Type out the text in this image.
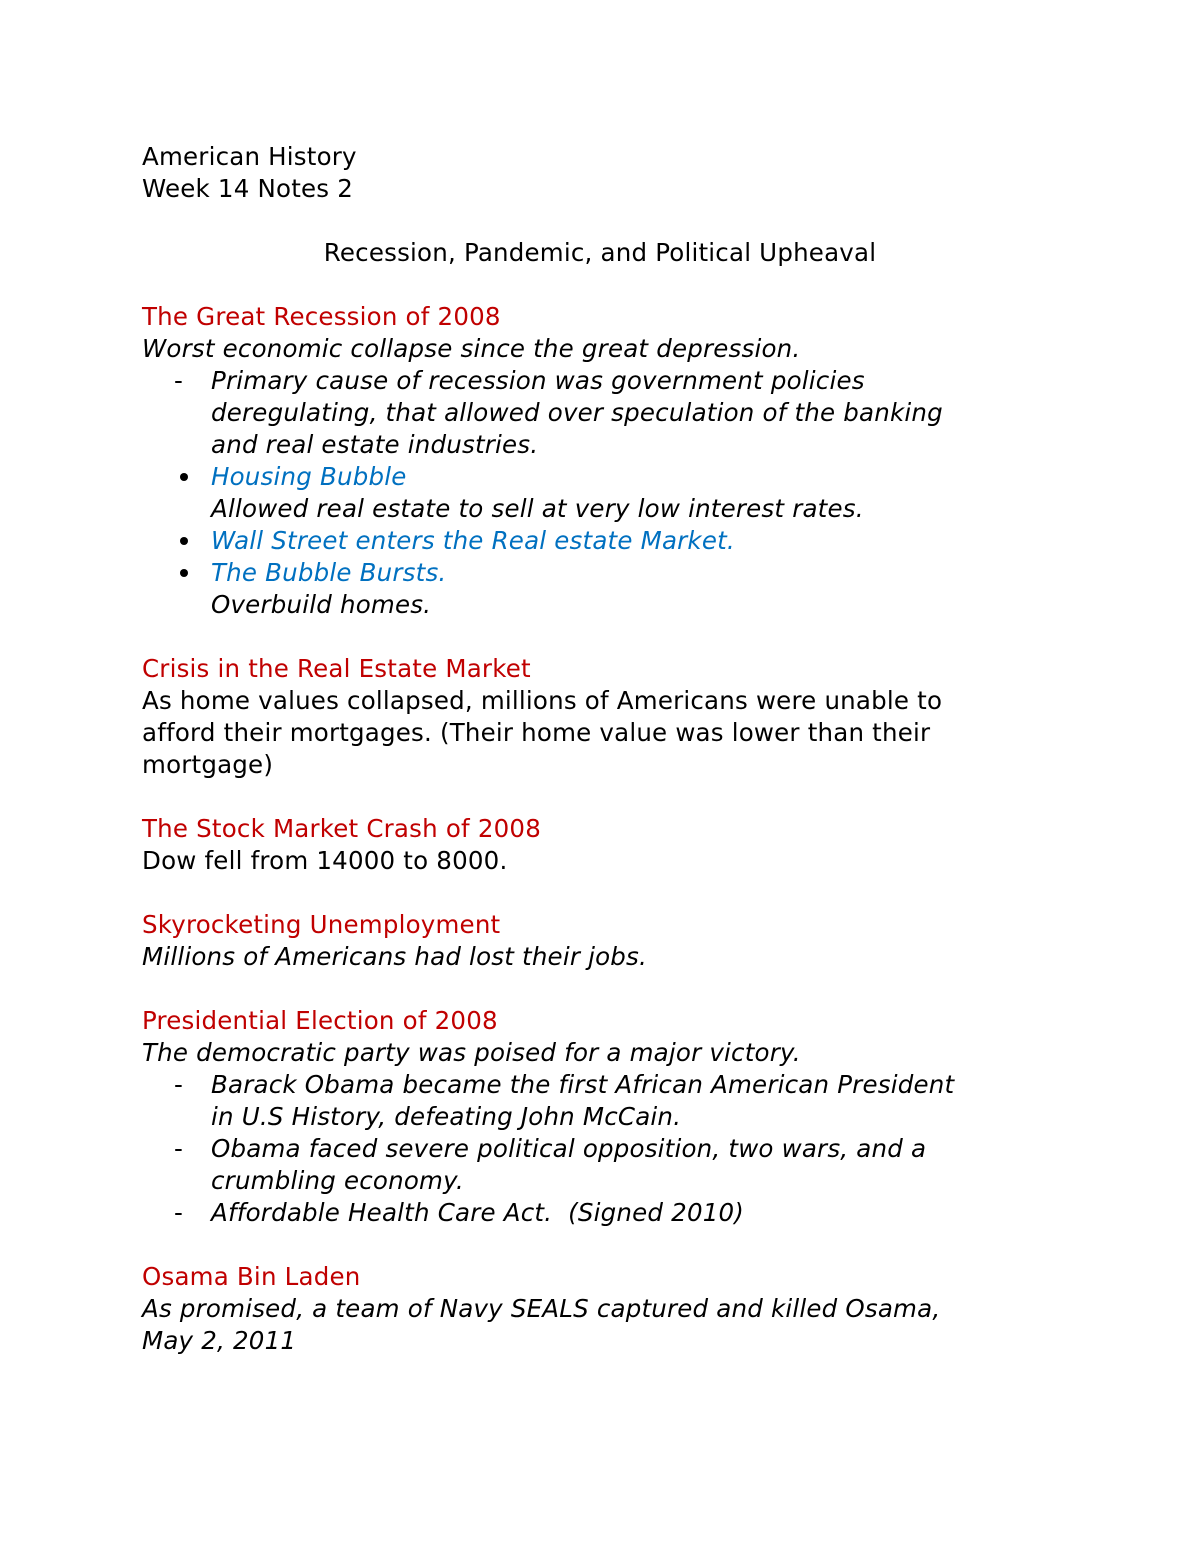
American History
Week 14 Notes 2
Recession, Pandemic, and Political Upheaval
The Great Recession of 2008
Worst economic collapse since the great depression.
-	Primary cause of recession was government policies
deregulating, that allowed over speculation of the banking
and real estate industries.
Housing Bubble
Allowed real estate to sell at very low interest rates.
Wall Street enters the Real estate Market.
The Bubble Bursts.
Overbuild homes.
Crisis in the Real Estate Market
As home values collapsed, millions of Americans were unable to
afford their mortgages. (Their home value was lower than their
mortgage)
The Stock Market Crash of 2008
Dow fell from 14000 to 8000.
Skyrocketing Unemployment
Millions of Americans had lost their jobs.
Presidential Election of 2008
The democratic party was poised for a major victory.
-	Barack Obama became the first African American President
in U.S History, defeating John McCain.
-	Obama faced severe political opposition, two wars, and a
crumbling economy.
-	Affordable Health Care Act.  (Signed 2010)
Osama Bin Laden
As promised, a team of Navy SEALS captured and killed Osama,
May 2, 2011
